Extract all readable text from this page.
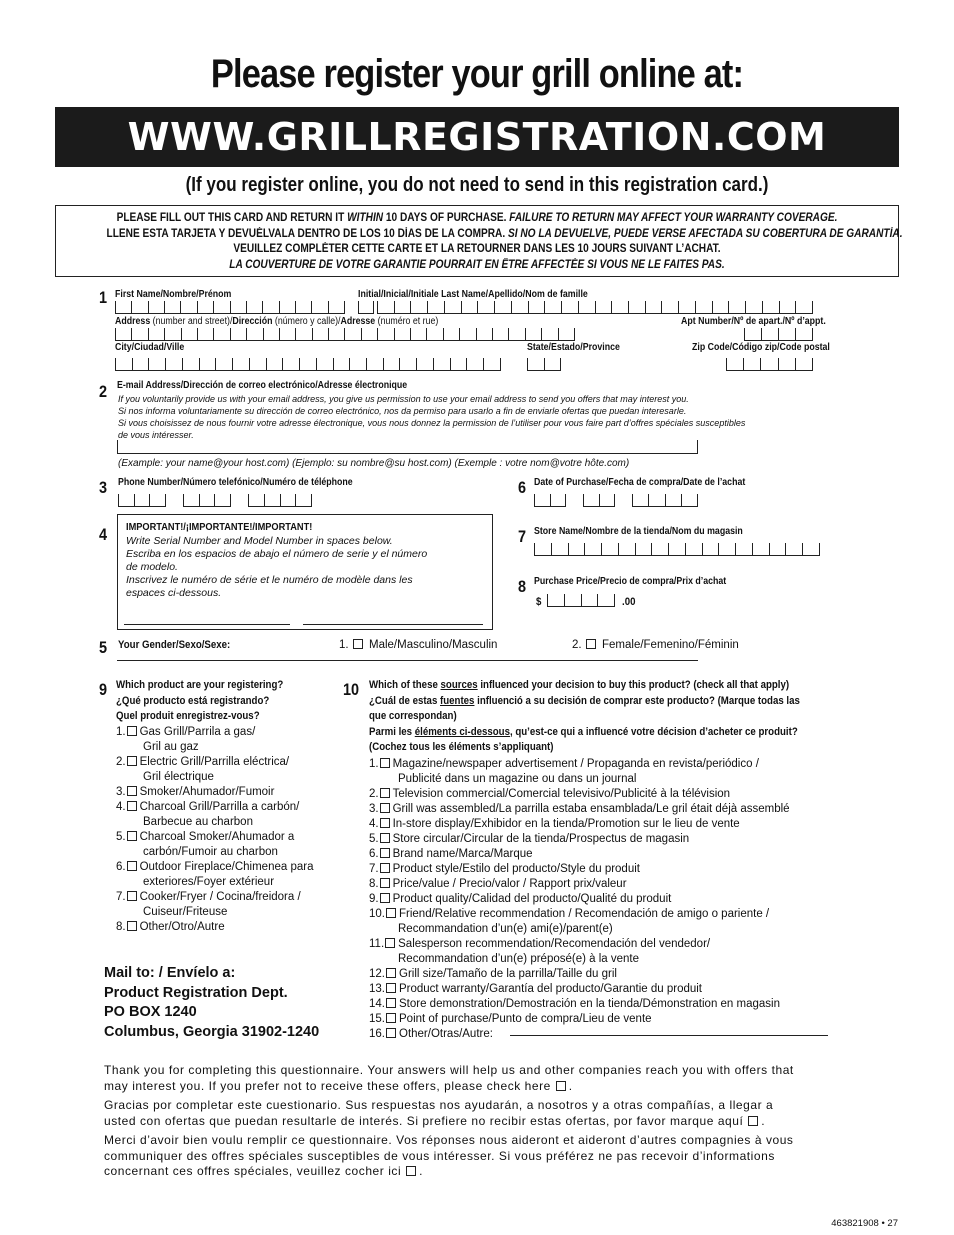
Please register your grill online at:
WWW.GRILLREGISTRATION.COM
(If you register online, you do not need to send in this registration card.)
PLEASE FILL OUT THIS CARD AND RETURN IT WITHIN 10 DAYS OF PURCHASE. FAILURE TO RETURN MAY AFFECT YOUR WARRANTY COVERAGE.
LLENE ESTA TARJETA Y DEVUÉLVALA DENTRO DE LOS 10 DÍAS DE LA COMPRA. SI NO LA DEVUELVE, PUEDE VERSE AFECTADA SU COBERTURA DE GARANTÍA.
VEUILLEZ COMPLÉTER CETTE CARTE ET LA RETOURNER DANS LES 10 JOURS SUIVANT L’ACHAT.
LA COUVERTURE DE VOTRE GARANTIE POURRAIT EN ÊTRE AFFECTÉE SI VOUS NE LE FAITES PAS.
1 First Name/Nombre/Prénom	Initial/Inicial/Initiale Last Name/Apellido/Nom de famille
Address (number and street)/Dirección (número y calle)/Adresse (numéro et rue)	Apt Number/Nº de apart./Nº d’appt.
City/Ciudad/Ville	State/Estado/Province	Zip Code/Código zip/Code postal
2 E-mail Address/Dirección de correo electrónico/Adresse électronique
If you voluntarily provide us with your email address, you give us permission to use your email address to send you offers that may interest you.
Si nos informa voluntariamente su dirección de correo electrónico, nos da permiso para usarlo a fin de enviarle ofertas que puedan interesarle.
Si vous choisissez de nous fournir votre adresse électronique, vous nous donnez la permission de l’utiliser pour vous faire part d’offres spéciales susceptibles
de vous intéresser.
(Example: your name@your host.com) (Ejemplo: su nombre@su host.com) (Exemple : votre nom@votre hôte.com)
3 Phone Number/Número telefónico/Numéro de téléphone
4 IMPORTANT!/¡IMPORTANTE!/IMPORTANT!
Write Serial Number and Model Number in spaces below.
Escriba en los espacios de abajo el número de serie y el número
de modelo.
Inscrivez le numéro de série et le numéro de modèle dans les
espaces ci-dessous.
5 Your Gender/Sexo/Sexe:	1.  Male/Masculino/Masculin	2.  Female/Femenino/Féminin
6 Date of Purchase/Fecha de compra/Date de l’achat
7 Store Name/Nombre de la tienda/Nom du magasin
8 Purchase Price/Precio de compra/Prix d’achat
$	.00
9 Which product are your registering?
¿Qué producto está registrando?
Quel produit enregistrez-vous?
1. Gas Grill/Parrila a gas/
Gril au gaz
2. Electric Grill/Parrilla eléctrica/
Gril électrique
3. Smoker/Ahumador/Fumoir
4. Charcoal Grill/Parrilla a carbón/
Barbecue au charbon
5. Charcoal Smoker/Ahumador a
carbón/Fumoir au charbon
6. Outdoor Fireplace/Chimenea para
exteriores/Foyer extérieur
7. Cooker/Fryer / Cocina/freidora /
Cuiseur/Friteuse
8. Other/Otro/Autre
10 Which of these sources influenced your decision to buy this product? (check all that apply)
¿Cuál de estas fuentes influenció a su decisión de comprar este producto? (Marque todas las
que correspondan)
Parmi les éléments ci-dessous, qu’est-ce qui a influencé votre décision d’acheter ce produit?
(Cochez tous les éléments s’appliquant)
1. Magazine/newspaper advertisement / Propaganda en revista/periódico /
Publicité dans un magazine ou dans un journal
2. Television commercial/Comercial televisivo/Publicité à la télévision
3. Grill was assembled/La parrilla estaba ensamblada/Le gril était déjà assemblé
4. In-store display/Exhibidor en la tienda/Promotion sur le lieu de vente
5. Store circular/Circular de la tienda/Prospectus de magasin
6. Brand name/Marca/Marque
7. Product style/Estilo del producto/Style du produit
8. Price/value / Precio/valor / Rapport prix/valeur
9. Product quality/Calidad del producto/Qualité du produit
10. Friend/Relative recommendation / Recomendación de amigo o pariente /
Recommandation d’un(e) ami(e)/parent(e)
11. Salesperson recommendation/Recomendación del vendedor/
Recommandation d’un(e) préposé(e) à la vente
12. Grill size/Tamaño de la parrilla/Taille du gril
13. Product warranty/Garantía del producto/Garantie du produit
14. Store demonstration/Demostración en la tienda/Démonstration en magasin
15. Point of purchase/Punto de compra/Lieu de vente
16. Other/Otras/Autre:
Mail to: / Envíelo a:
Product Registration Dept.
PO BOX 1240
Columbus, Georgia 31902-1240
Thank you for completing this questionnaire. Your answers will help us and other companies reach you with offers that
may interest you. If you prefer not to receive these offers, please check here .
Gracias por completar este cuestionario. Sus respuestas nos ayudarán, a nosotros y a otras compañías, a llegar a
usted con ofertas que puedan resultarle de interés. Si prefiere no recibir estas ofertas, por favor marque aquí .
Merci d’avoir bien voulu remplir ce questionnaire. Vos réponses nous aideront et aideront d’autres compagnies à vous
communiquer des offres spéciales susceptibles de vous intéresser. Si vous préférez ne pas recevoir d’informations
concernant ces offres spéciales, veuillez cocher ici .
463821908 • 27
